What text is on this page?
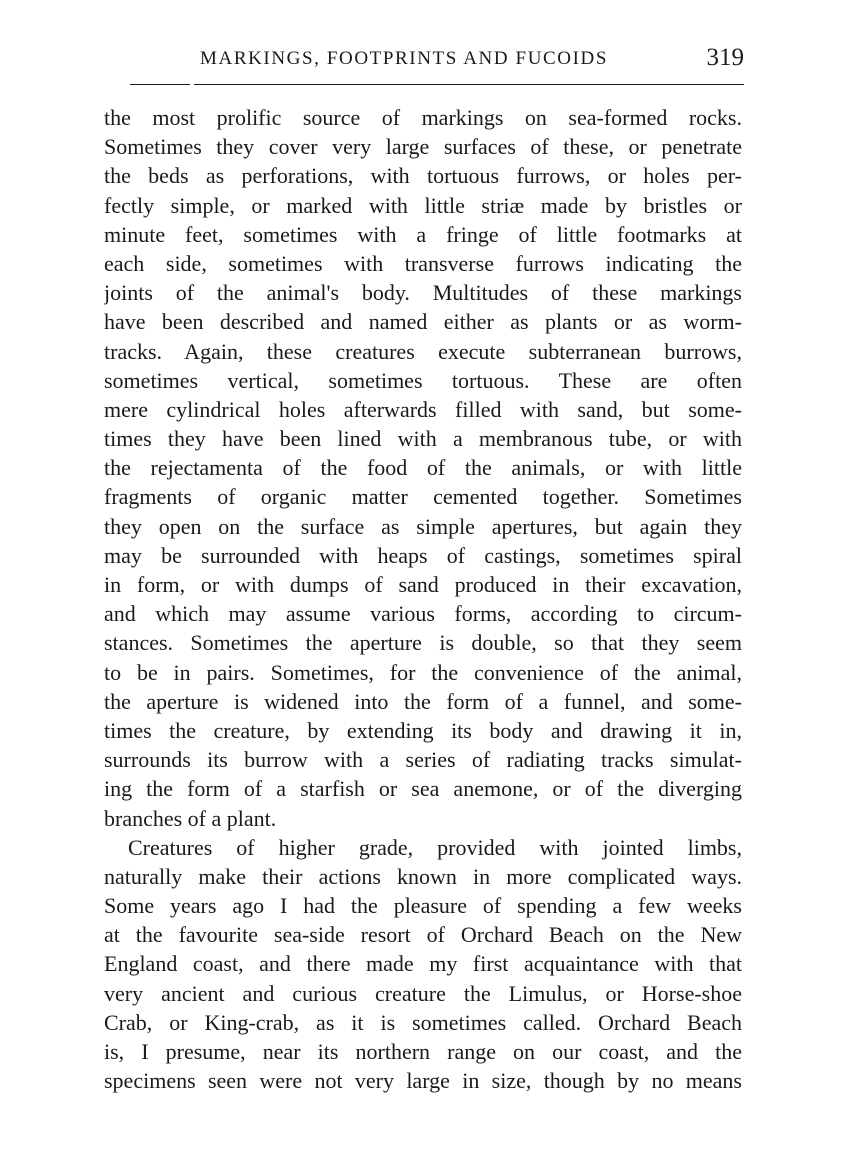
MARKINGS, FOOTPRINTS AND FUCOIDS	319
the most prolific source of markings on sea-formed rocks.
Sometimes they cover very large surfaces of these, or penetrate
the beds as perforations, with tortuous furrows, or holes per-
fectly simple, or marked with little striæ made by bristles or
minute feet, sometimes with a fringe of little footmarks at
each side, sometimes with transverse furrows indicating the
joints of the animal's body. Multitudes of these markings
have been described and named either as plants or as worm-
tracks. Again, these creatures execute subterranean burrows,
sometimes vertical, sometimes tortuous. These are often
mere cylindrical holes afterwards filled with sand, but some-
times they have been lined with a membranous tube, or with
the rejectamenta of the food of the animals, or with little
fragments of organic matter cemented together. Sometimes
they open on the surface as simple apertures, but again they
may be surrounded with heaps of castings, sometimes spiral
in form, or with dumps of sand produced in their excavation,
and which may assume various forms, according to circum-
stances. Sometimes the aperture is double, so that they seem
to be in pairs. Sometimes, for the convenience of the animal,
the aperture is widened into the form of a funnel, and some-
times the creature, by extending its body and drawing it in,
surrounds its burrow with a series of radiating tracks simulat-
ing the form of a starfish or sea anemone, or of the diverging
branches of a plant.
Creatures of higher grade, provided with jointed limbs,
naturally make their actions known in more complicated ways.
Some years ago I had the pleasure of spending a few weeks
at the favourite sea-side resort of Orchard Beach on the New
England coast, and there made my first acquaintance with that
very ancient and curious creature the Limulus, or Horse-shoe
Crab, or King-crab, as it is sometimes called. Orchard Beach
is, I presume, near its northern range on our coast, and the
specimens seen were not very large in size, though by no means
